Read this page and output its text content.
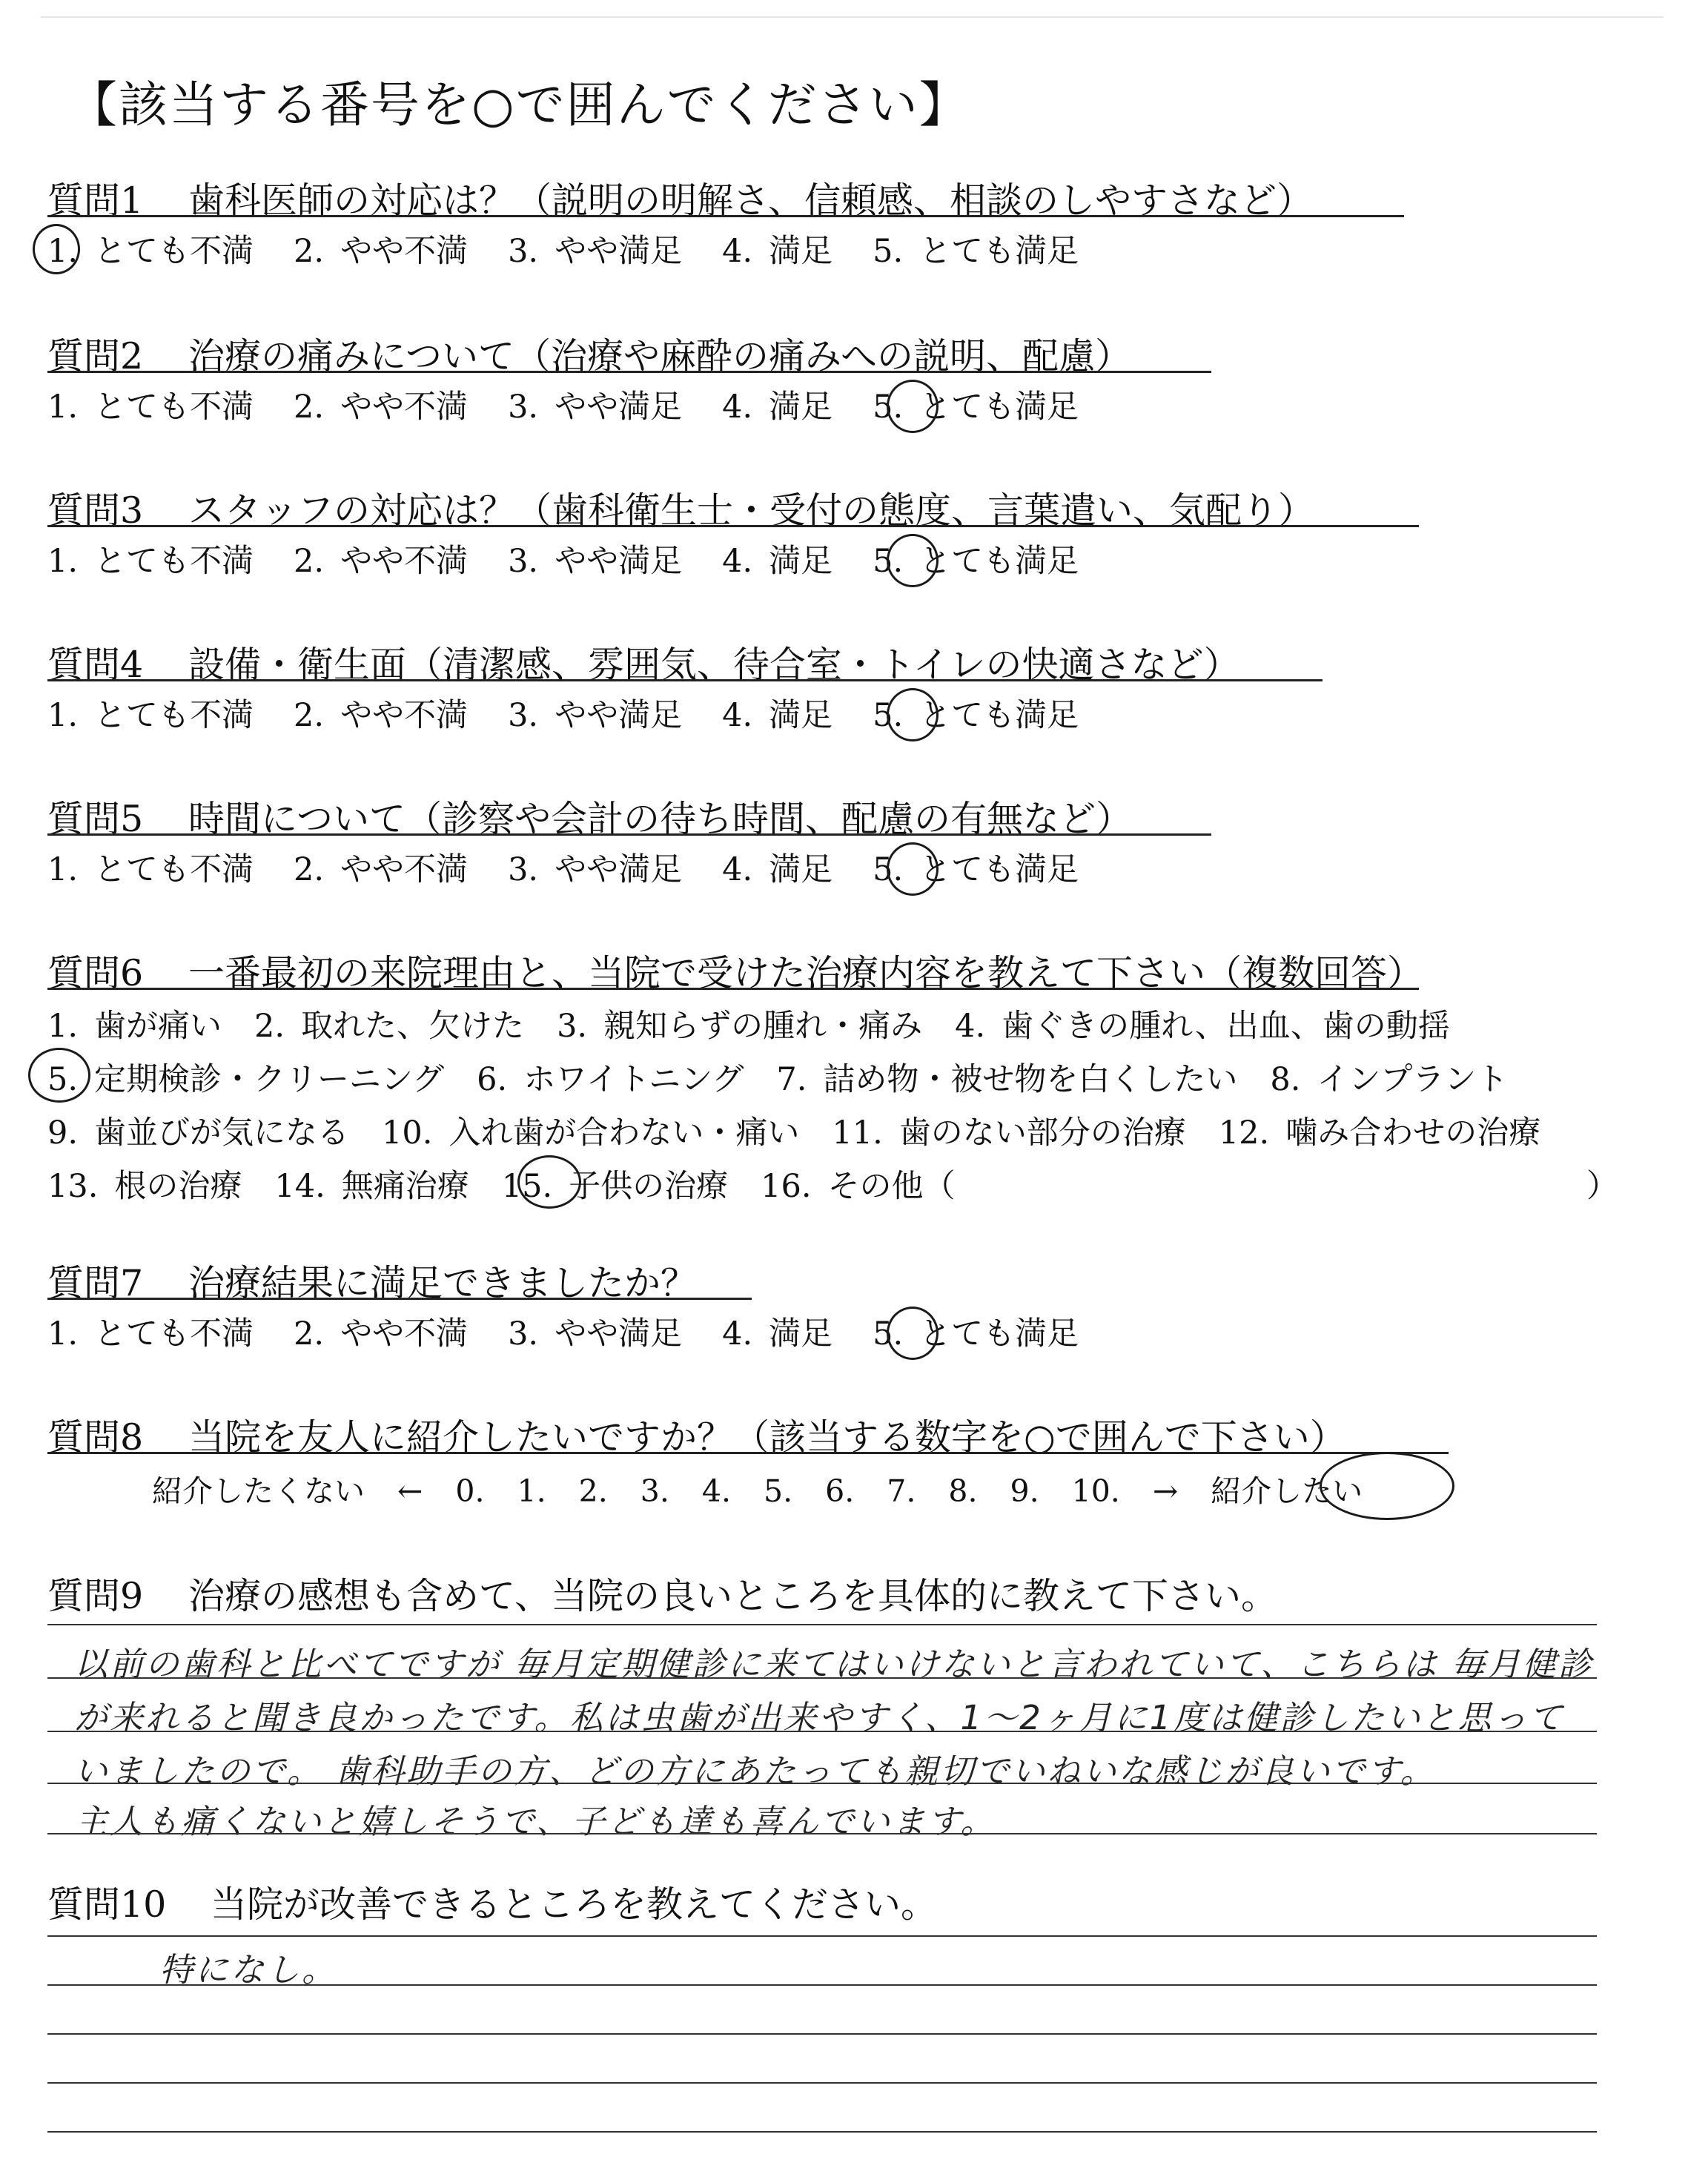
【該当する番号を○で囲んでください】
質問1 歯科医師の対応は？（説明の明解さ、信頼感、相談のしやすさなど）
1. とても不満 2. やや不満 3. やや満足 4. 満足 5. とても満足
質問2 治療の痛みについて（治療や麻酔の痛みへの説明、配慮）
1. とても不満 2. やや不満 3. やや満足 4. 満足 5. とても満足
質問3 スタッフの対応は？（歯科衛生士・受付の態度、言葉遣い、気配り）
1. とても不満 2. やや不満 3. やや満足 4. 満足 5. とても満足
質問4 設備・衛生面（清潔感、雰囲気、待合室・トイレの快適さなど）
1. とても不満 2. やや不満 3. やや満足 4. 満足 5. とても満足
質問5 時間について（診察や会計の待ち時間、配慮の有無など）
1. とても不満 2. やや不満 3. やや満足 4. 満足 5. とても満足
質問6 一番最初の来院理由と、当院で受けた治療内容を教えて下さい（複数回答）
1. 歯が痛い 2. 取れた、欠けた 3. 親知らずの腫れ・痛み 4. 歯ぐきの腫れ、出血、歯の動揺
5. 定期検診・クリーニング 6. ホワイトニング 7. 詰め物・被せ物を白くしたい 8. インプラント
9. 歯並びが気になる 10. 入れ歯が合わない・痛い 11. 歯のない部分の治療 12. 噛み合わせの治療
13. 根の治療 14. 無痛治療 15. 子供の治療 16. その他（	）
質問7 治療結果に満足できましたか？
1. とても不満 2. やや不満 3. やや満足 4. 満足 5. とても満足
質問8 当院を友人に紹介したいですか？（該当する数字を○で囲んで下さい）
紹介したくない ← 0. 1. 2. 3. 4. 5. 6. 7. 8. 9. 10. → 紹介したい
質問9 治療の感想も含めて、当院の良いところを具体的に教えて下さい。
以前の歯科と比べてですが 毎月定期健診に来てはいけないと言われていて、こちらは 毎月健診
が来れると聞き良かったです。私は虫歯が出来やすく、1～2ヶ月に1度は健診したいと思って
いましたので。 歯科助手の方、どの方にあたっても親切でいねいな感じが良いです。
主人も痛くないと嬉しそうで、子ども達も喜んでいます。
質問10 当院が改善できるところを教えてください。
特になし。
